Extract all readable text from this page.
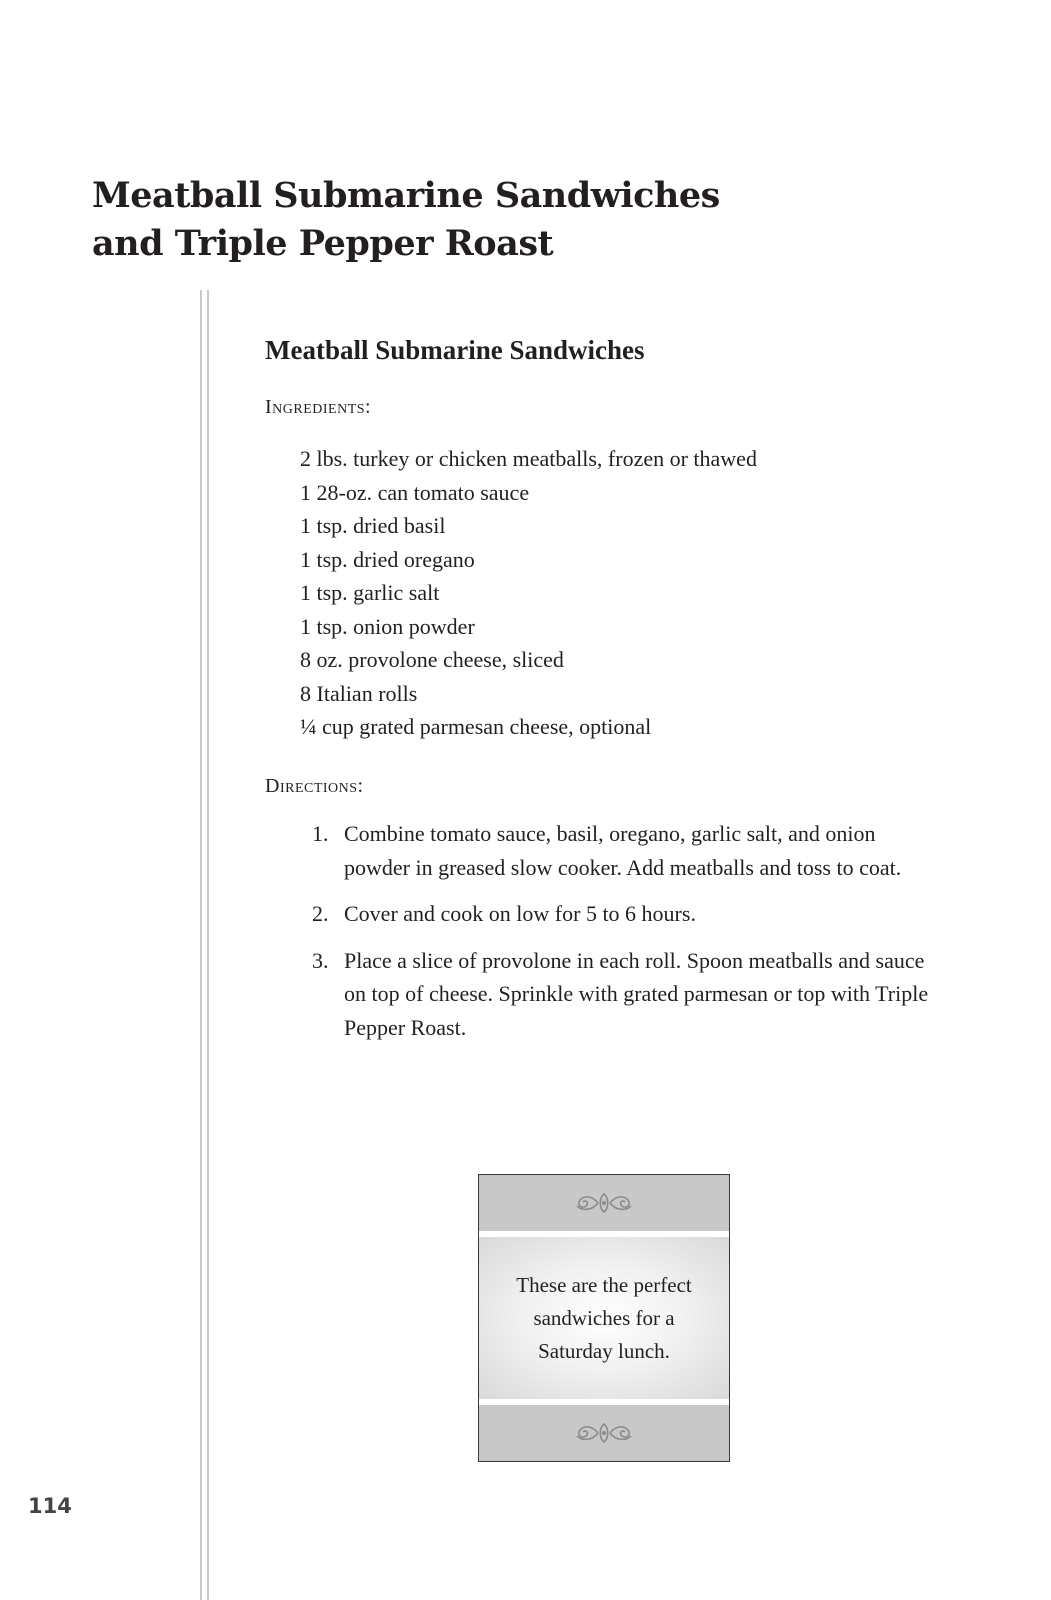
Meatball Submarine Sandwiches
and Triple Pepper Roast
Meatball Submarine Sandwiches

Ingredients:

2 lbs. turkey or chicken meatballs, frozen or thawed
1 28-oz. can tomato sauce
1 tsp. dried basil
1 tsp. dried oregano
1 tsp. garlic salt
1 tsp. onion powder
8 oz. provolone cheese, sliced
8 Italian rolls
¼ cup grated parmesan cheese, optional

Directions:

1. Combine tomato sauce, basil, oregano, garlic salt, and onion powder in greased slow cooker. Add meatballs and toss to coat.
2. Cover and cook on low for 5 to 6 hours.
3. Place a slice of provolone in each roll. Spoon meatballs and sauce on top of cheese. Sprinkle with grated parmesan or top with Triple Pepper Roast.

These are the perfect sandwiches for a Saturday lunch.

114
